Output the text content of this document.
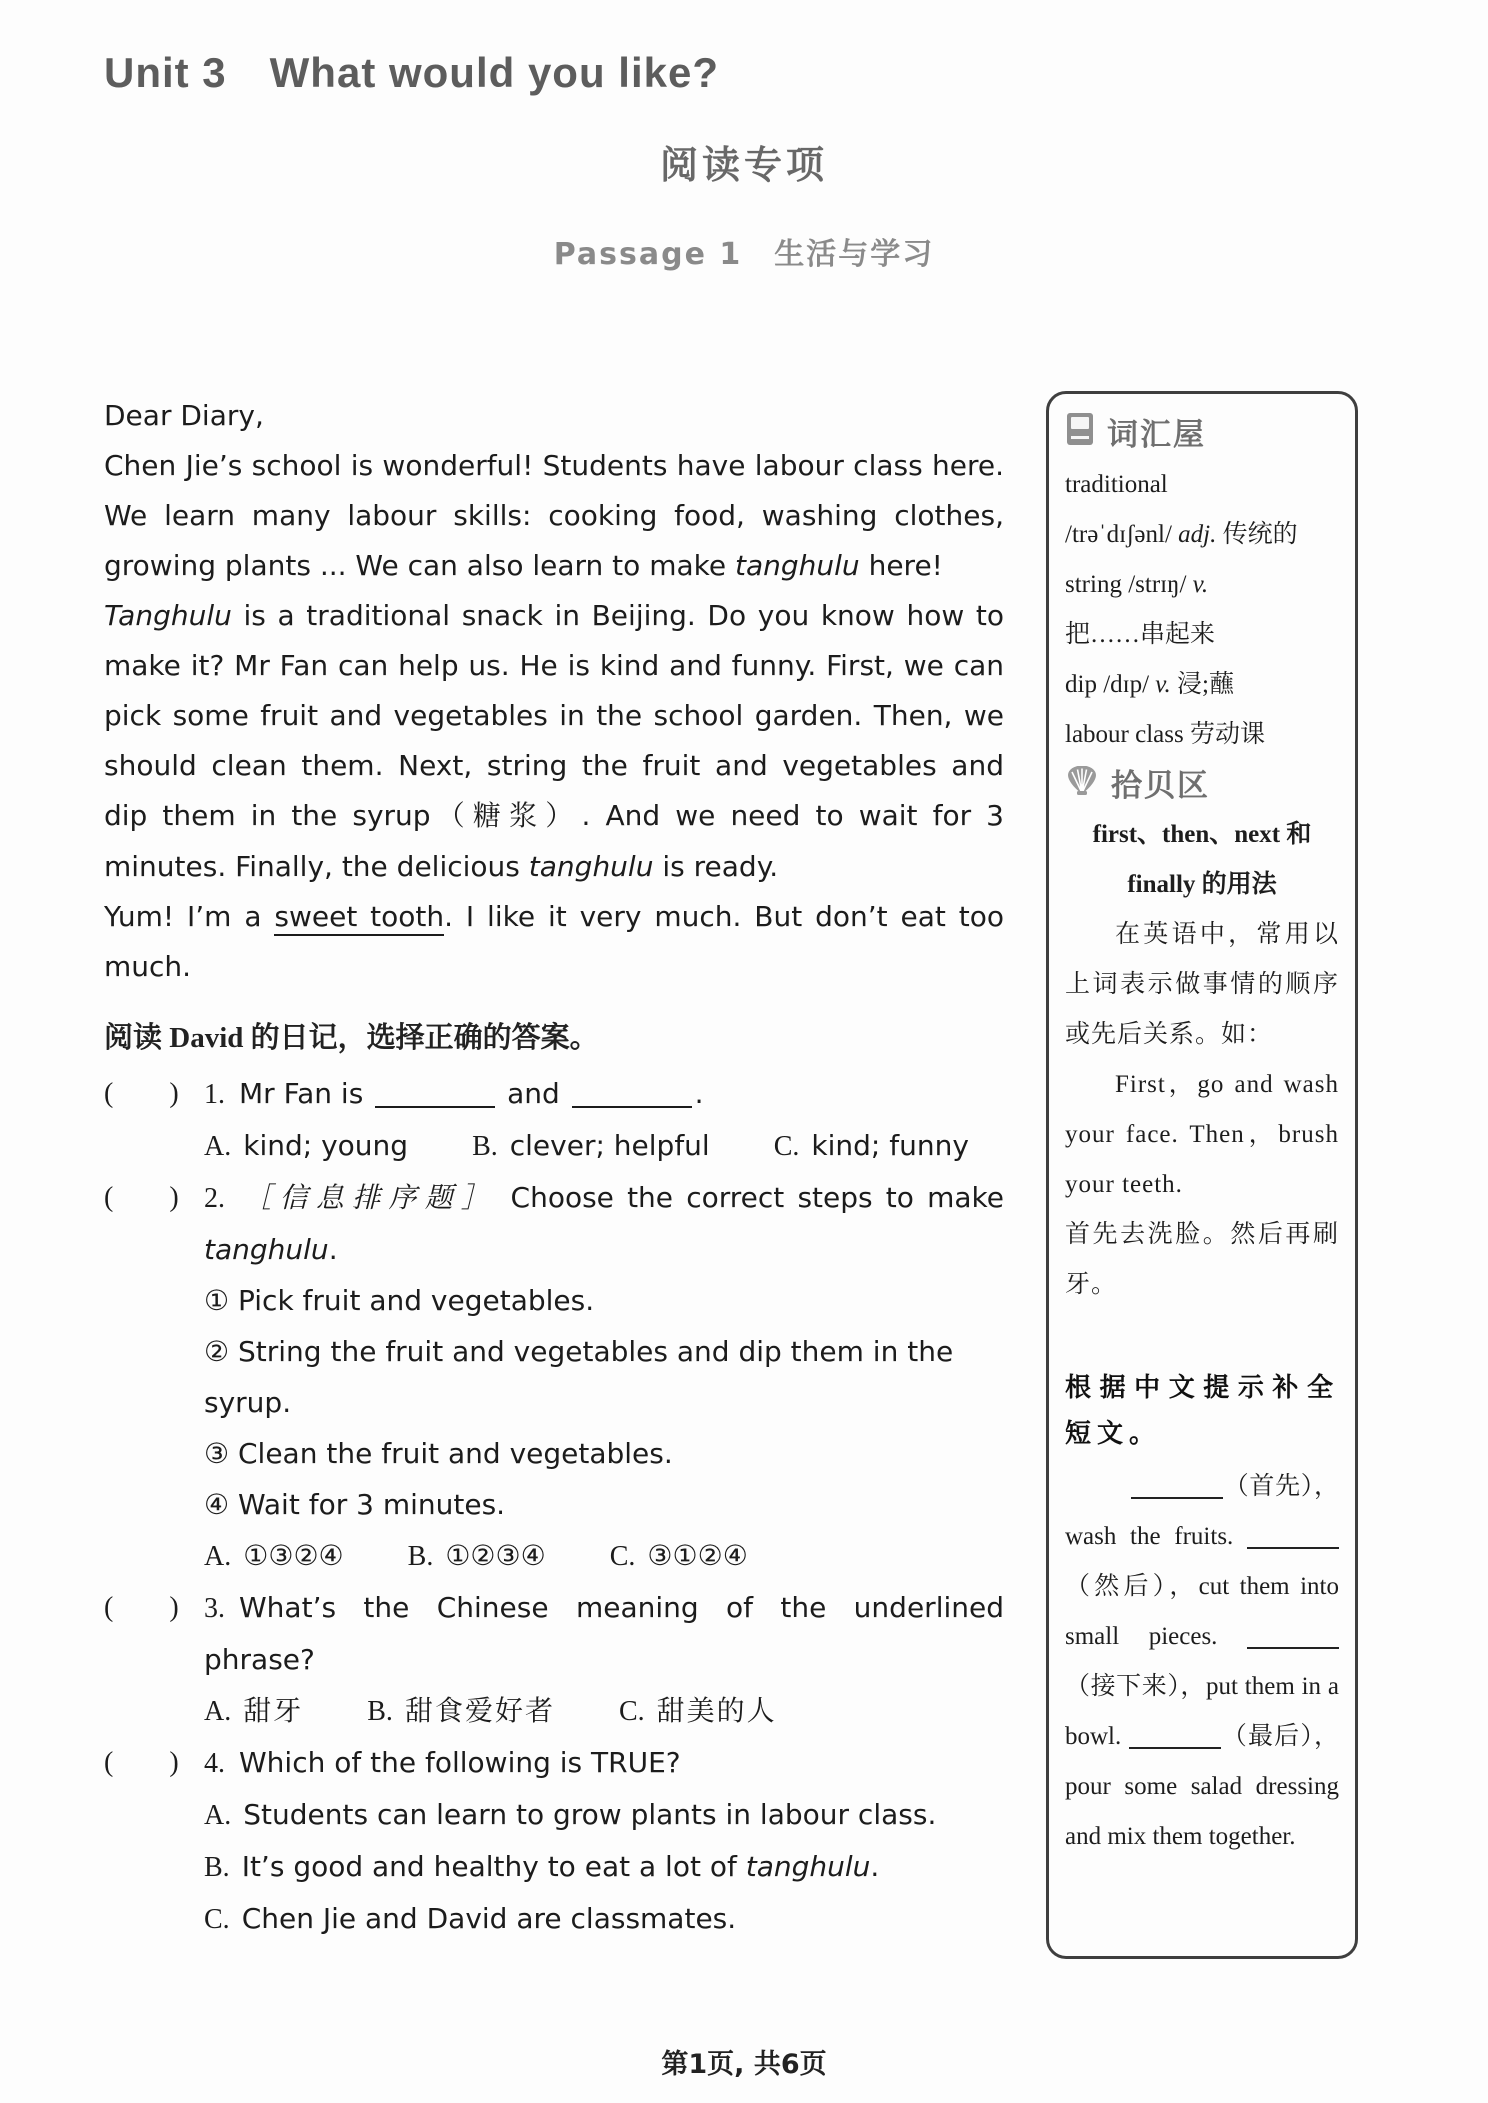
Unit 3　What would you like?
阅读专项
Passage 1　生活与学习
Dear Diary,
Chen Jie’s school is wonderful! Students have labour class here. We learn many labour skills: cooking food, washing clothes, growing plants ... We can also learn to make tanghulu here!
Tanghulu is a traditional snack in Beijing. Do you know how to make it? Mr Fan can help us. He is kind and funny. First, we can pick some fruit and vegetables in the school garden. Then, we should clean them. Next, string the fruit and vegetables and dip them in the syrup（糖浆）. And we need to wait for 3 minutes. Finally, the delicious tanghulu is ready.
Yum! I’m a sweet tooth. I like it very much. But don’t eat too much.
阅读 David 的日记，选择正确的答案。
(　　) 1. Mr Fan is	and	.
A. kind; young B. clever; helpful C. kind; funny
(　　) 2. ［信息排序题］ Choose the correct steps to make tanghulu.
① Pick fruit and vegetables.
② String the fruit and vegetables and dip them in the syrup.
③ Clean the fruit and vegetables.
④ Wait for 3 minutes.
A. ①③②④ B. ①②③④ C. ③①②④
(　　) 3. What’s the Chinese meaning of the underlined phrase?
A. 甜牙 B. 甜食爱好者 C. 甜美的人
(　　) 4. Which of the following is TRUE?
A. Students can learn to grow plants in labour class.
B. It’s good and healthy to eat a lot of tanghulu.
C. Chen Jie and David are classmates.
词汇屋
traditional
/trəˈdɪʃənl/ adj. 传统的
string /strɪŋ/ v.
把……串起来
dip /dɪp/ v. 浸;蘸
labour class 劳动课
拾贝区
first、then、next 和 finally 的用法
在英语中，常用以上词表示做事情的顺序或先后关系。如：
First，go and wash your face. Then，brush your teeth.
首先去洗脸。然后再刷牙。
根据中文提示补全短文。
（首先），wash the fruits. （然后），cut them into small pieces. （接下来），put them in a bowl.	（最后），pour some salad dressing and mix them together.
第1页, 共6页
